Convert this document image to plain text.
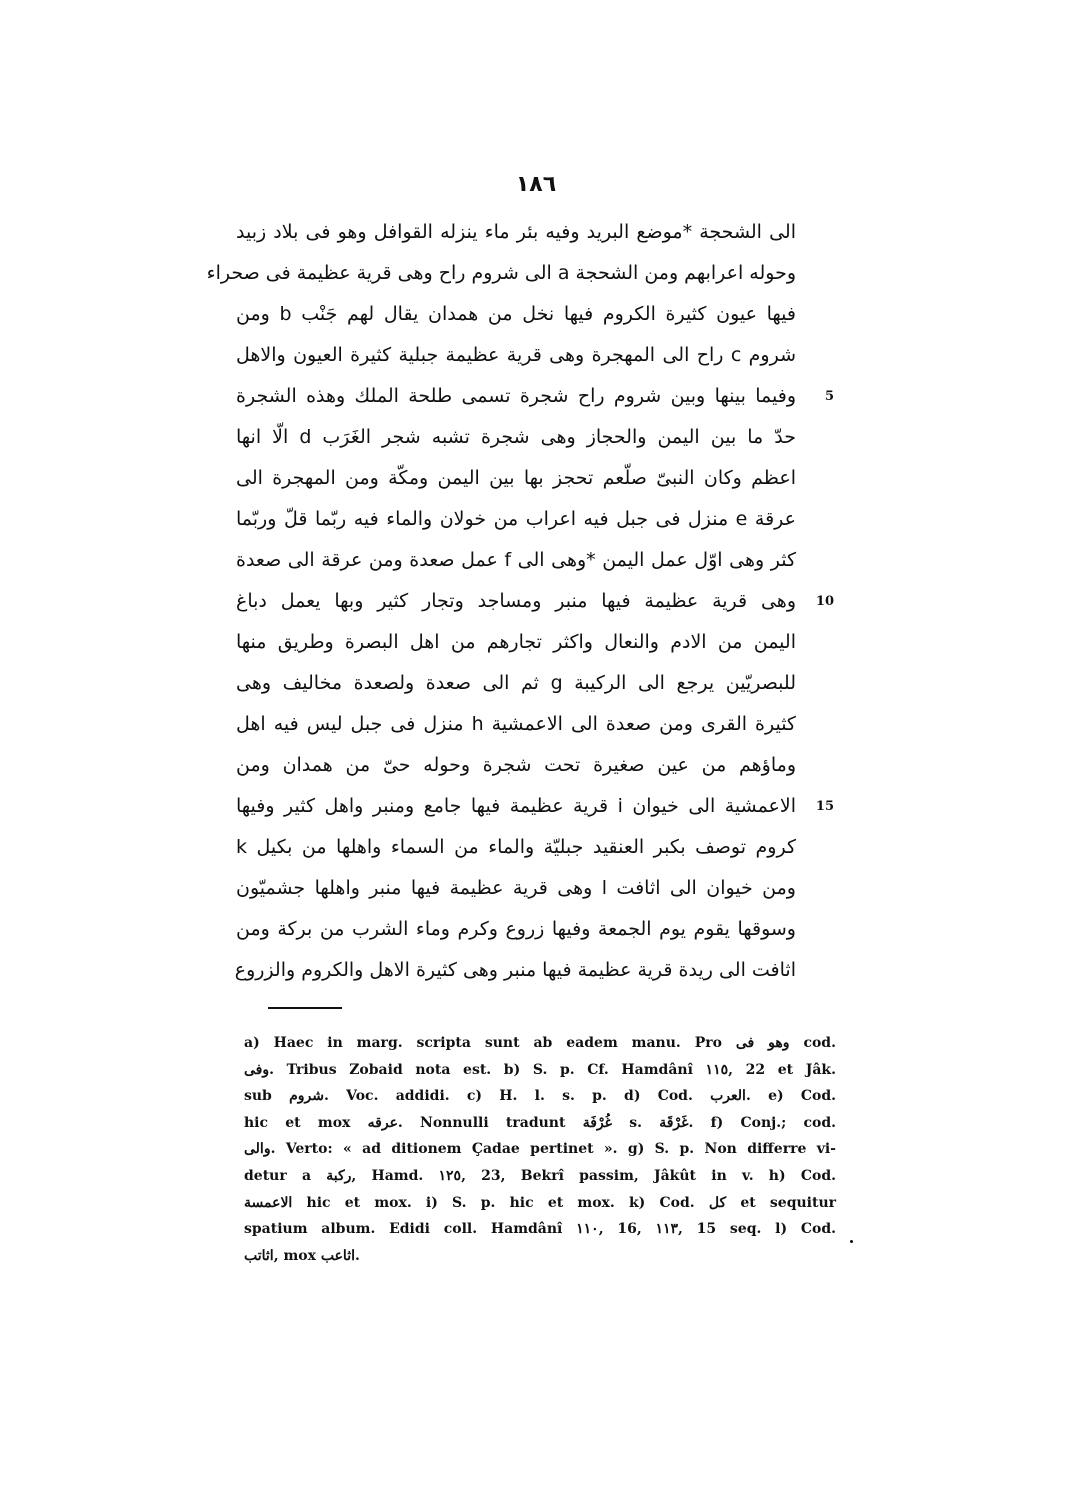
١٨٦
الى الشحجة *موضع البريد وفيه بئر ماء ينزله القوافل وهو فى بلاد زبيد
وحوله اعرابهم ومن الشحجة a الى شروم راح وهى قرية عظيمة فى صحراء
فيها عيون كثيرة الكروم فيها نخل من همدان يقال لهم جَنْب b ومن
شروم c راح الى المهجرة وهى قرية عظيمة جبلية كثيرة العيون والاهل
وفيما بينها وبين شروم راح شجرة تسمى طلحة الملك وهذه الشجرة 5
حدّ ما بين اليمن والحجاز وهى شجرة تشبه شجر الغَرَب d الّا انها
اعظم وكان النبىّ صلّعم تحجز بها بين اليمن ومكّة ومن المهجرة الى
عرقة e منزل فى جبل فيه اعراب من خولان والماء فيه ربّما قلّ وربّما
كثر وهى اوّل عمل اليمن *وهى الى f عمل صعدة ومن عرقة الى صعدة
وهى قرية عظيمة فيها منبر ومساجد وتجار كثير وبها يعمل دباغ 10
اليمن من الادم والنعال واكثر تجارهم من اهل البصرة وطريق منها
للبصريّين يرجع الى الركيبة g ثم الى صعدة ولصعدة مخاليف وهى
كثيرة القرى ومن صعدة الى الاعمشية h منزل فى جبل ليس فيه اهل
وماؤهم من عين صغيرة تحت شجرة وحوله حىّ من همدان ومن
الاعمشية الى خيوان i قرية عظيمة فيها جامع ومنبر واهل كثير وفيها 15
كروم توصف بكبر العنقيد جبليّة والماء من السماء واهلها من بكيل k
ومن خيوان الى اثافت l وهى قرية عظيمة فيها منبر واهلها جشميّون
وسوقها يقوم يوم الجمعة وفيها زروع وكرم وماء الشرب من بركة ومن
اثافت الى ريدة قرية عظيمة فيها منبر وهى كثيرة الاهل والكروم والزروع
a) Haec in marg. scripta sunt ab eadem manu. Pro وهو فى cod.
وفى. Tribus Zobaid nota est. b) S. p. Cf. Hamdânî ١١٥, 22 et Jâk.
sub شروم. Voc. addidi. c) H. l. s. p. d) Cod. العرب. e) Cod.
hic et mox عرقه. Nonnulli tradunt غُرْفَة s. غَرْقَة. f) Conj.; cod.
والى. Verto: « ad ditionem Çadae pertinet ». g) S. p. Non differre vi-
detur a ركبة, Hamd. ١٢٥, 23, Bekrî passim, Jâkût in v. h) Cod.
الاعمسة hic et mox. i) S. p. hic et mox. k) Cod. كل et sequitur
spatium album. Edidi coll. Hamdânî ١١٠, 16, ١١٣, 15 seq. l) Cod.
اثاتب, mox اثاعب.
